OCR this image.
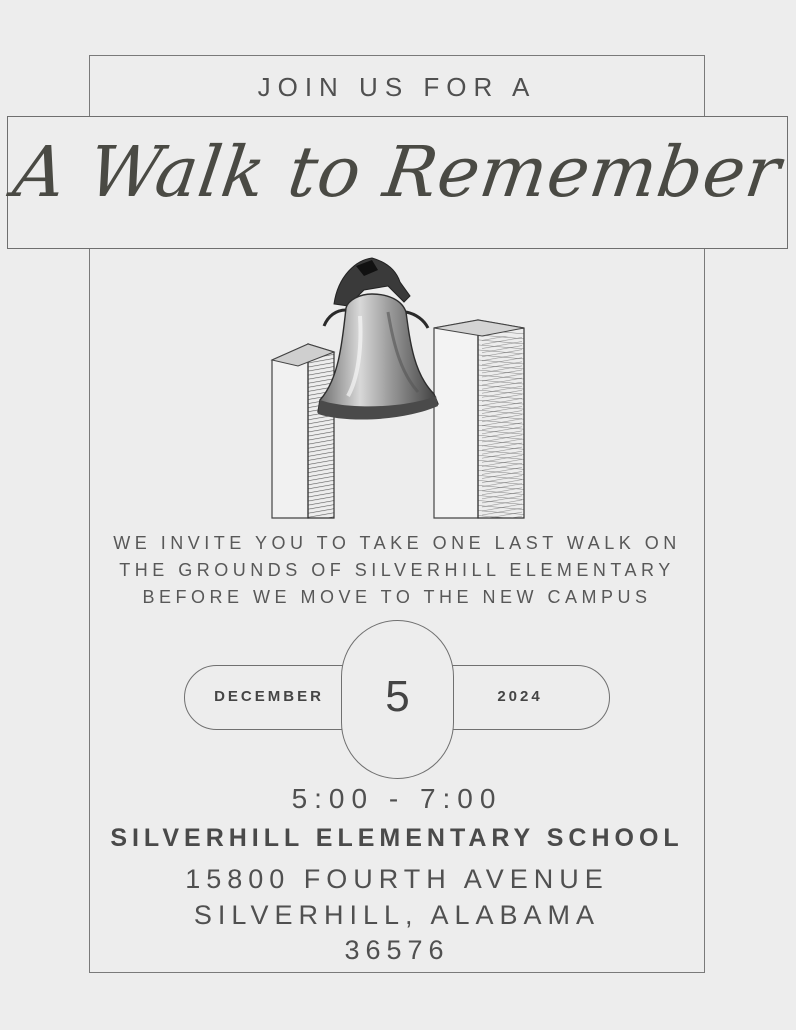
JOIN US FOR A
A Walk to Remember
WE INVITE YOU TO TAKE ONE LAST WALK ON
THE GROUNDS OF SILVERHILL ELEMENTARY
BEFORE WE MOVE TO THE NEW CAMPUS
DECEMBER	2024
5
5:00 - 7:00
SILVERHILL ELEMENTARY SCHOOL
15800 FOURTH AVENUE
SILVERHILL, ALABAMA
36576
